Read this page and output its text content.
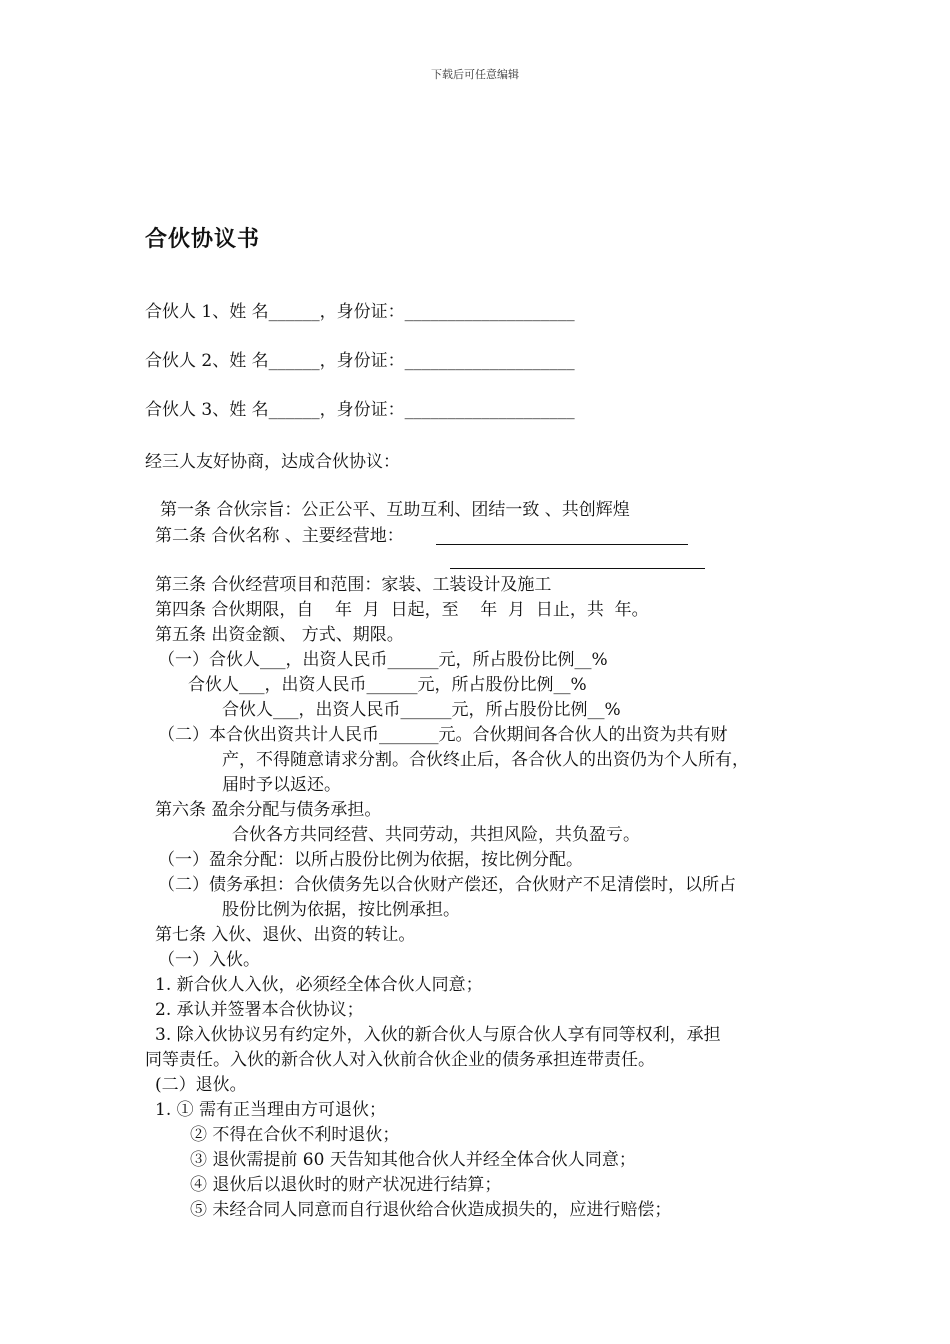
下载后可任意编辑
合伙协议书
合伙人 1、姓 名______，身份证：____________________
合伙人 2、姓 名______，身份证：____________________
合伙人 3、姓 名______，身份证：____________________
经三人友好协商，达成合伙协议：
第一条 合伙宗旨：公正公平、互助互利、团结一致 、共创辉煌
第二条 合伙名称 、主要经营地：
第三条 合伙经营项目和范围：家装、工装设计及施工
第四条 合伙期限，自    年  月  日起，至    年  月  日止，共  年。
第五条 出资金额、 方式、期限。
（一）合伙人___，出资人民币______元，所占股份比例__%
合伙人___，出资人民币______元，所占股份比例__%
合伙人___，出资人民币______元，所占股份比例__%
（二）本合伙出资共计人民币_______元。合伙期间各合伙人的出资为共有财
产，不得随意请求分割。合伙终止后，各合伙人的出资仍为个人所有，
届时予以返还。
第六条 盈余分配与债务承担。
合伙各方共同经营、共同劳动，共担风险，共负盈亏。
（一）盈余分配：以所占股份比例为依据，按比例分配。
（二）债务承担：合伙债务先以合伙财产偿还，合伙财产不足清偿时，以所占
股份比例为依据，按比例承担。
第七条 入伙、退伙、出资的转让。
（一）入伙。
1. 新合伙人入伙，必须经全体合伙人同意；
2. 承认并签署本合伙协议；
3. 除入伙协议另有约定外，入伙的新合伙人与原合伙人享有同等权利，承担
同等责任。入伙的新合伙人对入伙前合伙企业的债务承担连带责任。
(二）退伙。
1. ① 需有正当理由方可退伙；
② 不得在合伙不利时退伙；
③ 退伙需提前 60 天告知其他合伙人并经全体合伙人同意；
④ 退伙后以退伙时的财产状况进行结算；
⑤ 未经合同人同意而自行退伙给合伙造成损失的，应进行赔偿；
